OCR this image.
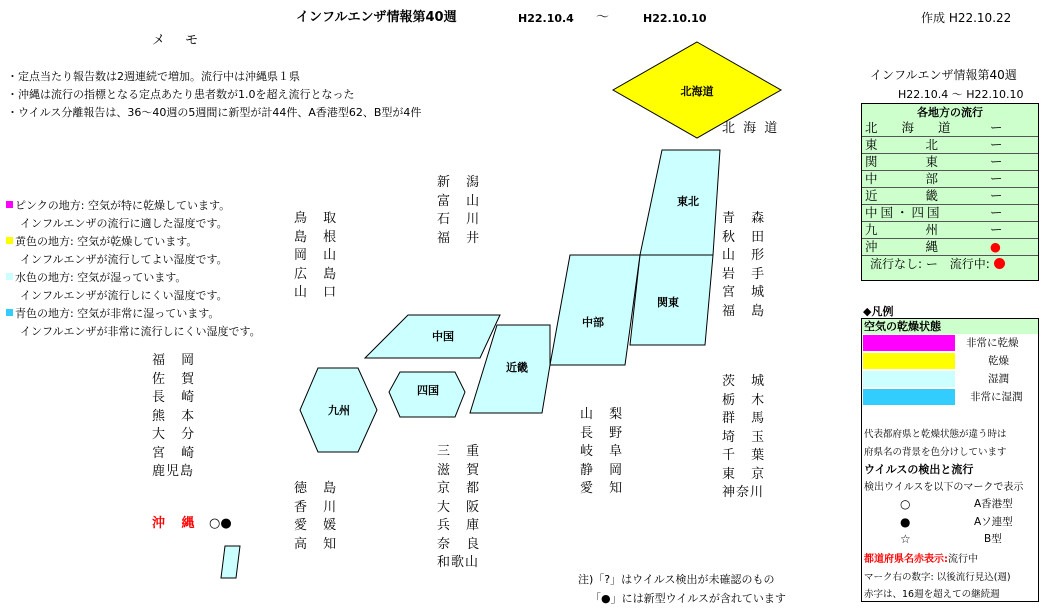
インフルエンザ情報第40週	H22.10.4 〜	H22.10.10	作成 H22.10.22
メ モ
・定点当たり報告数は2週連続で増加。流行中は沖縄県１県
・沖縄は流行の指標となる定点あたり患者数が1.0を超え流行となった
・ウイルス分離報告は、36〜40週の5週間に新型が計44件、A香港型62、B型が4件
ピンクの地方: 空気が特に乾燥しています。
インフルエンザの流行に適した湿度です。
黄色の地方: 空気が乾燥しています。
インフルエンザが流行してよい湿度です。
水色の地方: 空気が湿っています。
インフルエンザが流行しにくい湿度です。
青色の地方: 空気が非常に湿っています。
インフルエンザが非常に流行しにくい湿度です。
北海道
東北
関東
中部
近畿
中国
四国
九州
北 海 道
青 森
秋 田
山 形
岩 手
宮 城
福 島
茨 城
栃 木
群 馬
埼 玉
千 葉
東 京
神奈川
新 潟
富 山
石 川
福 井
山 梨
長 野
岐 阜
静 岡
愛 知
鳥 取
島 根
岡 山
広 島
山 口
福 岡
佐 賀
長 崎
熊 本
大 分
宮 崎
鹿児島
徳 島
香 川
愛 媛
高 知
三 重
滋 賀
京 都
大 阪
兵 庫
奈 良
和歌山
沖 縄 ○●
注)「?」はウイルス検出が未確認のもの
「●」には新型ウイルスが含れています
インフルエンザ情報第40週
H22.10.4 〜 H22.10.10
各地方の流行
北 海 道 ー
東 北 ー
関 東 ー
中 部 ー
近 畿 ー
中国・四国	ー
九 州 ー
沖 縄 ●
流行なし: ー 流行中:
◆凡例
空気の乾燥状態
非常に乾燥
乾燥
湿潤
非常に湿潤
代表都府県と乾燥状態が違う時は
府県名の背景を色分けしています
ウイルスの検出と流行
検出ウイルスを以下のマークで表示
○	A香港型
●	Aソ連型
☆	B型
都道府県名赤表示:流行中
マーク右の数字: 以後流行見込(週)
赤字は、16週を超えての継続週
